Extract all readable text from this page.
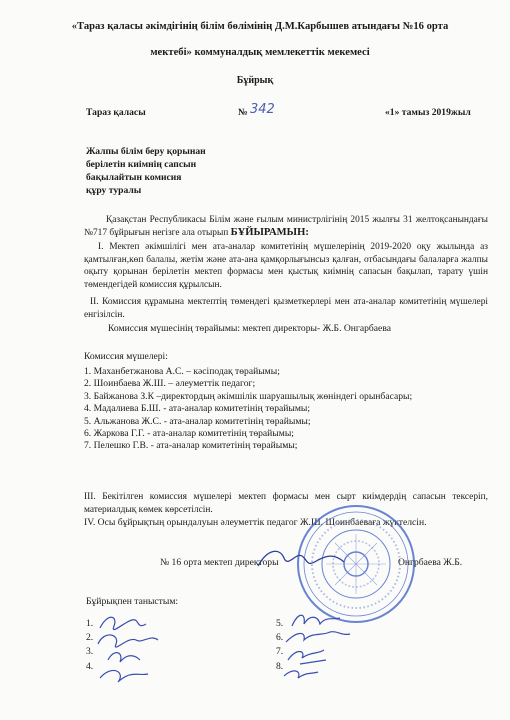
«Тараз қаласы әкімдігінің білім бөлімінің Д.М.Карбышев атындағы №16 орта
мектебі» коммуналдық мемлекеттік мекемесі
Бұйрық
Тараз қаласы	№ 342	«1» тамыз 2019жыл
Жалпы білім беру қорынан
берілетін киімнің сапсын
бақылайтын комисия
құру туралы
Қазақстан Республикасы Білім және ғылым министрлігінің 2015 жылғы 31 желтоқсанындағы №717 бұйрығын негізге ала отырып БҰЙЫРАМЫН:
I. Мектеп әкімшілігі мен ата-аналар комитетінің мүшелерінің 2019-2020 оқу жылында аз қамтылған,көп балалы, жетім және ата-ана қамқорлығынсыз қалған, отбасындағы балаларға жалпы оқыту қорынан берілетін мектеп формасы мен қыстық киімнің сапасын бақылап, тарату үшін төмендегідей комиссия құрылсын.
II. Комиссия құрамына мектептің төмендегі қызметкерлері мен ата-аналар комитетінің мүшелері енгізілсін.
Комиссия мүшесінің төрайымы: мектеп директоры- Ж.Б. Онгарбаева
Комиссия мүшелері:
1. Маханбетжанова А.С. – кәсіподақ төрайымы;
2. Шоинбаева Ж.Ш. – әлеуметтік педагог;
3. Байжанова З.К –директордың әкімшілік шаруашылық жөніндегі орынбасары;
4. Мадалиева Б.Ш. - ата-аналар комитетінің төрайымы;
5. Альжанова Ж.С. - ата-аналар комитетінің төрайымы;
6. Жаркова Г.Г. - ата-аналар комитетінің төрайымы;
7. Пелешко Г.В. - ата-аналар комитетінің төрайымы;
III. Бекітілген комиссия мүшелері мектеп формасы мен сырт киімдердің сапасын тексеріп, материалдық көмек көрсетілсін.
IV. Осы бұйрықтың орындалуын әлеуметтік педагог Ж.Ш. Шоинбаеваға жүктелсін.
№ 16 орта мектеп директоры	Онгрбаева Ж.Б.
Бұйрықпен таныстым:
1.
2.
3.
4.
5.
6.
7.
8.
